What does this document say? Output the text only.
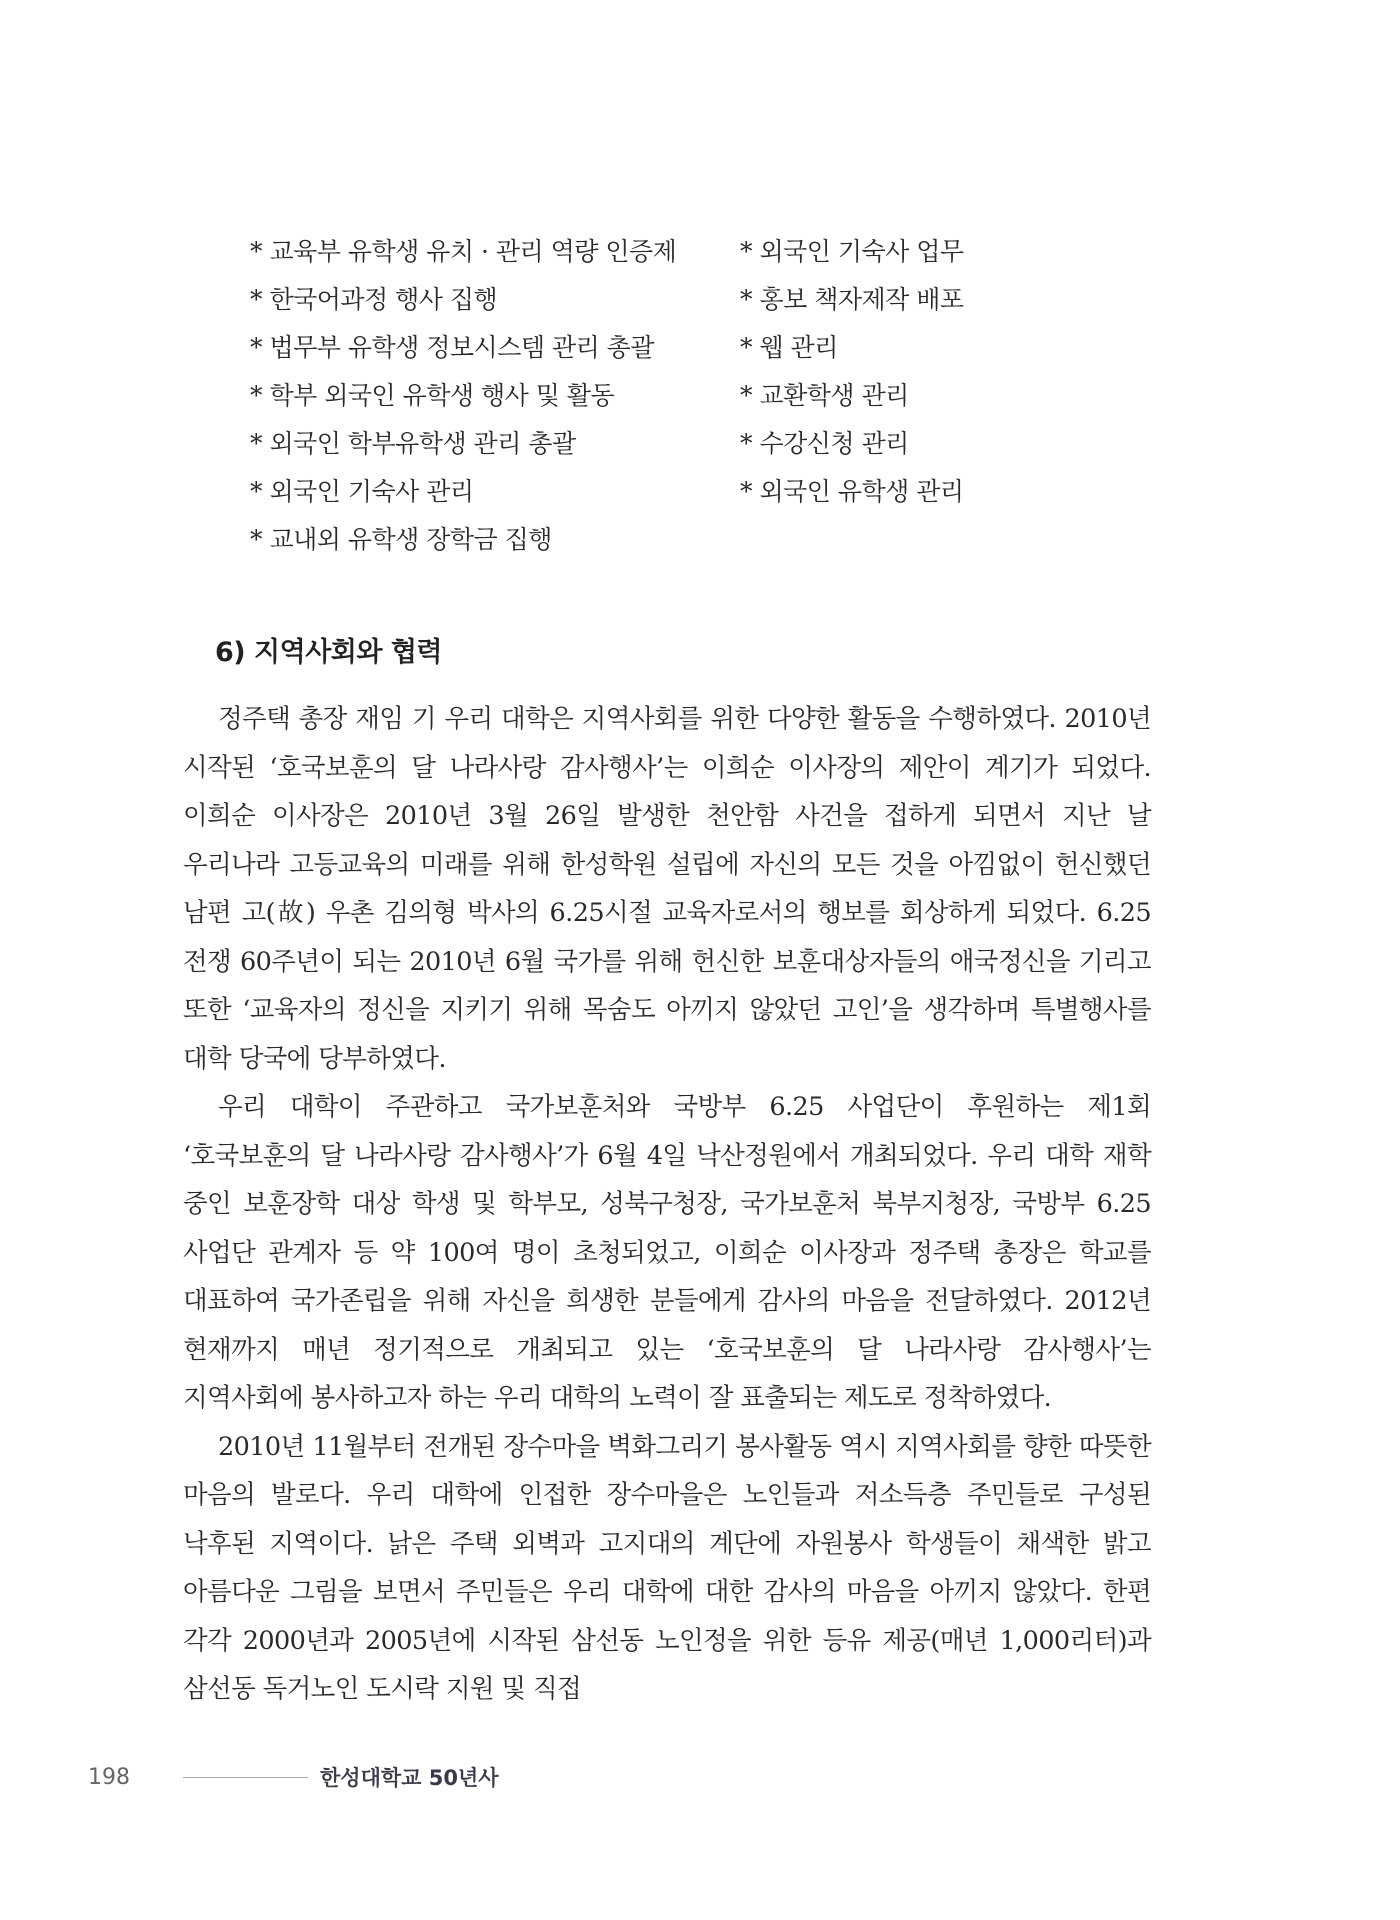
* 교육부 유학생 유치 · 관리 역량 인증제
* 한국어과정 행사 집행
* 법무부 유학생 정보시스템 관리 총괄
* 학부 외국인 유학생 행사 및 활동
* 외국인 학부유학생 관리 총괄
* 외국인 기숙사 관리
* 교내외 유학생 장학금 집행
* 외국인 기숙사 업무
* 홍보 책자제작 배포
* 웹 관리
* 교환학생 관리
* 수강신청 관리
* 외국인 유학생 관리
6) 지역사회와 협력

정주택 총장 재임 기 우리 대학은 지역사회를 위한 다양한 활동을 수행하였다. 2010년 시작된 ‘호국보훈의 달 나라사랑 감사행사’는 이희순 이사장의 제안이 계기가 되었다. 이희순 이사장은 2010년 3월 26일 발생한 천안함 사건을 접하게 되면서 지난 날 우리나라 고등교육의 미래를 위해 한성학원 설립에 자신의 모든 것을 아낌없이 헌신했던 남편 고(故) 우촌 김의형 박사의 6.25시절 교육자로서의 행보를 회상하게 되었다. 6.25 전쟁 60주년이 되는 2010년 6월 국가를 위해 헌신한 보훈대상자들의 애국정신을 기리고 또한 ‘교육자의 정신을 지키기 위해 목숨도 아끼지 않았던 고인’을 생각하며 특별행사를 대학 당국에 당부하였다.

우리 대학이 주관하고 국가보훈처와 국방부 6.25 사업단이 후원하는 제1회 ‘호국보훈의 달 나라사랑 감사행사’가 6월 4일 낙산정원에서 개최되었다. 우리 대학 재학 중인 보훈장학 대상 학생 및 학부모, 성북구청장, 국가보훈처 북부지청장, 국방부 6.25 사업단 관계자 등 약 100여 명이 초청되었고, 이희순 이사장과 정주택 총장은 학교를 대표하여 국가존립을 위해 자신을 희생한 분들에게 감사의 마음을 전달하였다. 2012년 현재까지 매년 정기적으로 개최되고 있는 ‘호국보훈의 달 나라사랑 감사행사’는 지역사회에 봉사하고자 하는 우리 대학의 노력이 잘 표출되는 제도로 정착하였다.

2010년 11월부터 전개된 장수마을 벽화그리기 봉사활동 역시 지역사회를 향한 따뜻한 마음의 발로다. 우리 대학에 인접한 장수마을은 노인들과 저소득층 주민들로 구성된 낙후된 지역이다. 낡은 주택 외벽과 고지대의 계단에 자원봉사 학생들이 채색한 밝고 아름다운 그림을 보면서 주민들은 우리 대학에 대한 감사의 마음을 아끼지 않았다. 한편 각각 2000년과 2005년에 시작된 삼선동 노인정을 위한 등유 제공(매년 1,000리터)과 삼선동 독거노인 도시락 지원 및 직접

198	한성대학교 50년사
